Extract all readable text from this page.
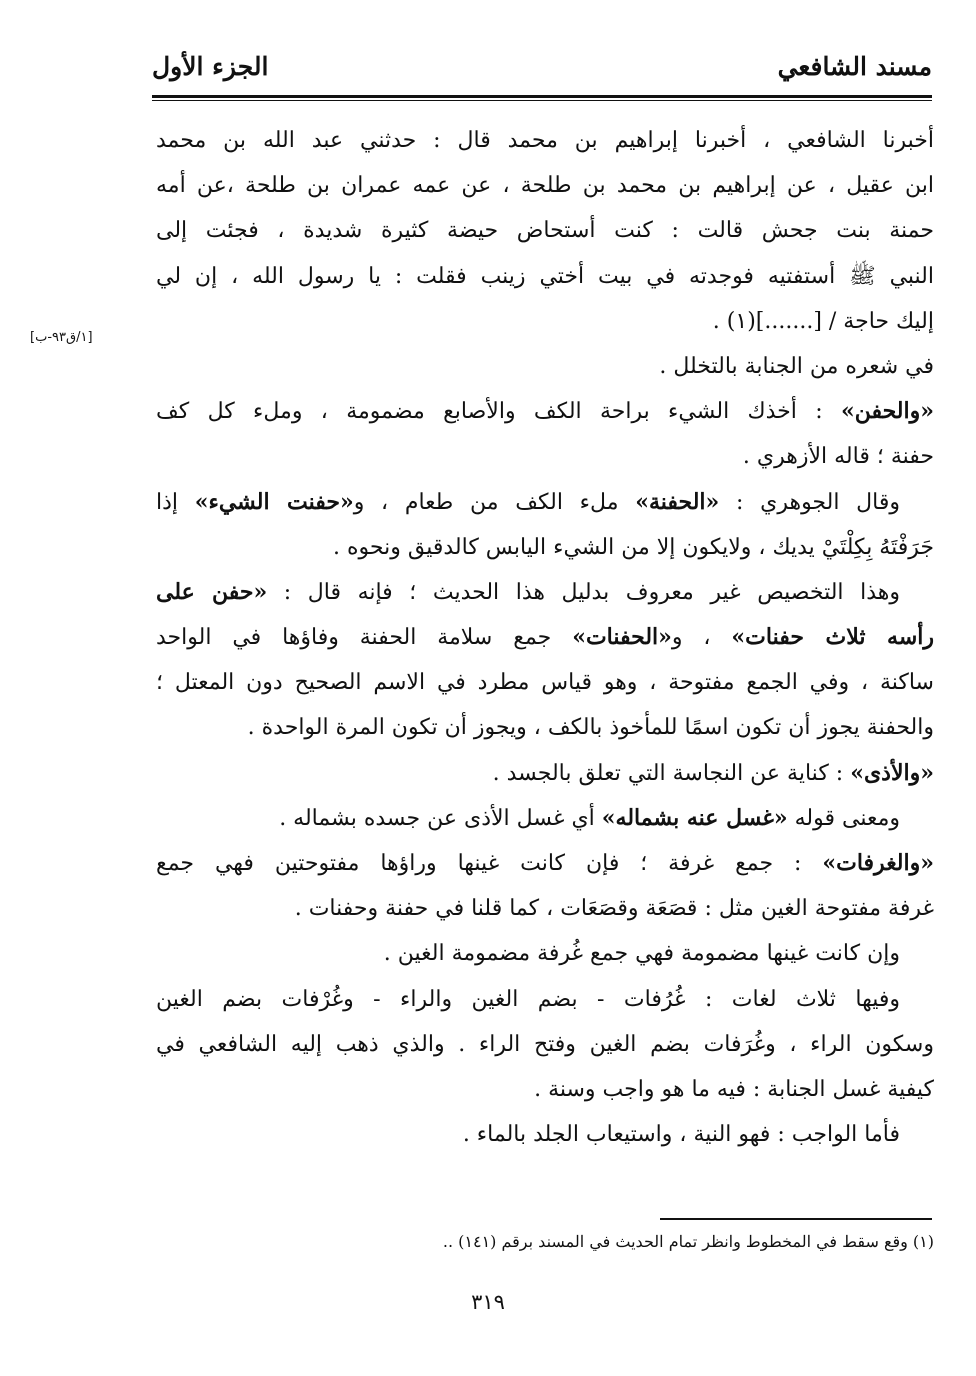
مسند الشافعي
الجزء الأول
[١/ق٩٣-ب]
أخبرنا الشافعي ، أخبرنا إبراهيم بن محمد قال : حدثني عبد الله بن محمد
ابن عقيل ، عن إبراهيم بن محمد بن طلحة ، عن عمه عمران بن طلحة ،عن أمه
حمنة بنت جحش قالت : كنت أستحاض حيضة كثيرة شديدة ، فجئت إلى
النبي ﷺ أستفتيه فوجدته في بيت أختي زينب فقلت : يا رسول الله ، إن لي
إليك حاجة / [.......](١) .
في شعره من الجنابة بالتخلل .
«والحفن» : أخذك الشيء براحة الكف والأصابع مضمومة ، وملء كل كف
حفنة ؛ قاله الأزهري .
وقال الجوهري : «الحفنة» ملء الكف من طعام ، و«حفنت الشيء» إذا
جَرَفْتَهُ بِكِلْتَيْ يديك ، ولايكون إلا من الشيء اليابس كالدقيق ونحوه .
وهذا التخصيص غير معروف بدليل هذا الحديث ؛ فإنه قال : «حفن على
رأسه ثلاث حفنات» ، و«الحفنات» جمع سلامة الحفنة وفاؤها في الواحد
ساكنة ، وفي الجمع مفتوحة ، وهو قياس مطرد في الاسم الصحيح دون المعتل ؛
والحفنة يجوز أن تكون اسمًا للمأخوذ بالكف ، ويجوز أن تكون المرة الواحدة .
«والأذى» : كناية عن النجاسة التي تعلق بالجسد .
ومعنى قوله «غسل عنه بشماله» أي غسل الأذى عن جسده بشماله .
«والغرفات» : جمع غرفة ؛ فإن كانت غينها وراؤها مفتوحتين فهي جمع
غرفة مفتوحة الغين مثل : قصَعَة وقصَعَات ، كما قلنا في حفنة وحفنات .
وإن كانت غينها مضمومة فهي جمع غُرفة مضمومة الغين .
وفيها ثلاث لغات : غُرُفات - بضم الغين والراء - وغُرْفات بضم الغين
وسكون الراء ، وغُرَفات بضم الغين وفتح الراء . والذي ذهب إليه الشافعي في
كيفية غسل الجنابة : فيه ما هو واجب وسنة .
فأما الواجب : فهو النية ، واستيعاب الجلد بالماء .
(١) وقع سقط في المخطوط وانظر تمام الحديث في المسند برقم (١٤١) ..
٣١٩
